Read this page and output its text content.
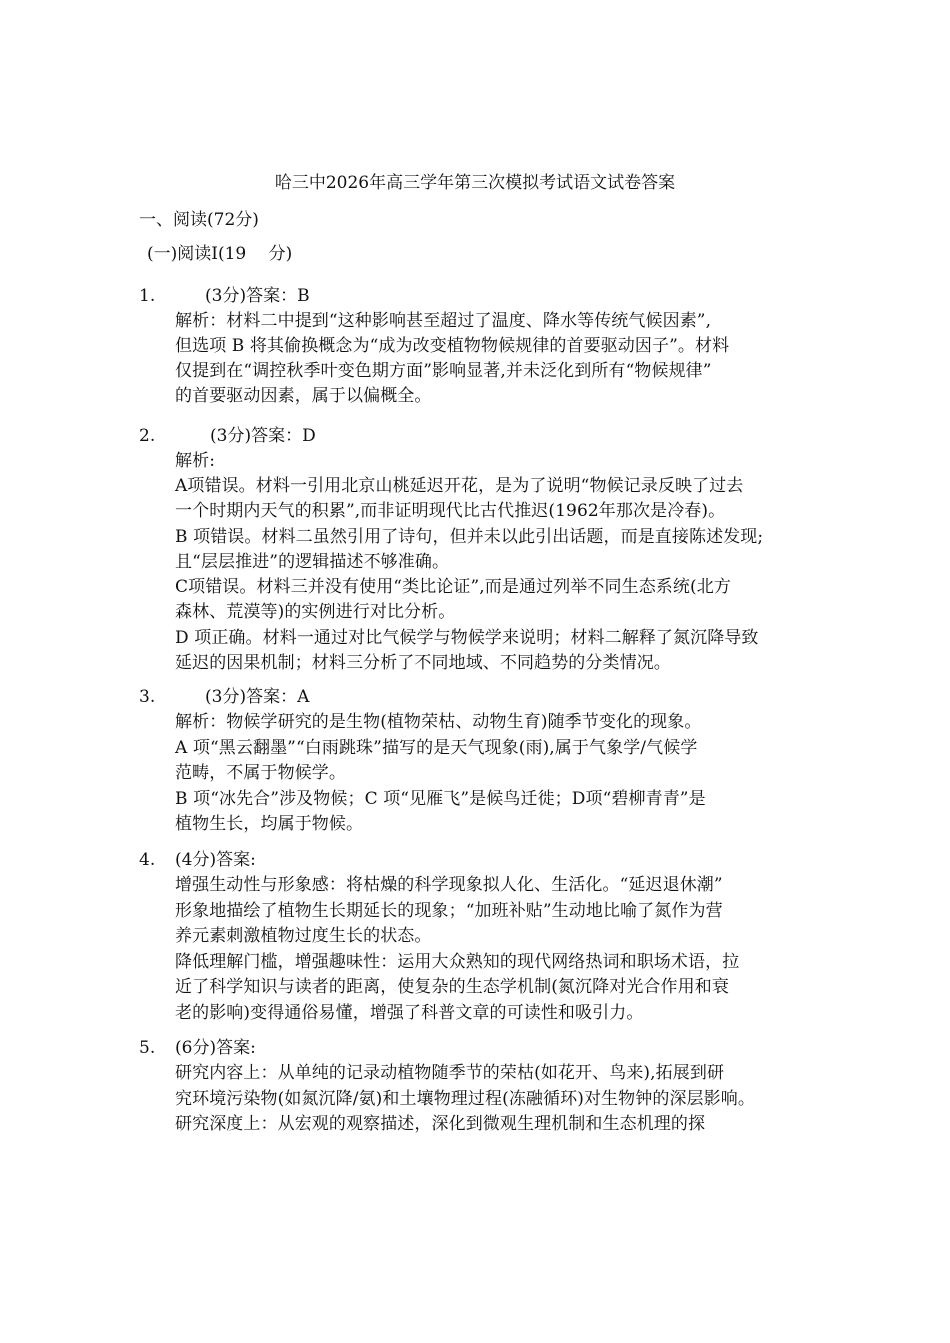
哈三中2026年高三学年第三次模拟考试语文试卷答案
一、阅读(72分)
(一)阅读I(19　 分)
1.	(3分)答案：B
解析：材料二中提到“这种影响甚至超过了温度、降水等传统气候因素”,
但选项 B 将其偷换概念为“成为改变植物物候规律的首要驱动因子”。材料
仅提到在“调控秋季叶变色期方面”影响显著,并未泛化到所有“物候规律”
的首要驱动因素，属于以偏概全。
2.	(3分)答案：D
解析:
A项错误。材料一引用北京山桃延迟开花，是为了说明“物候记录反映了过去
一个时期内天气的积累”,而非证明现代比古代推迟(1962年那次是冷春)。
B 项错误。材料二虽然引用了诗句，但并未以此引出话题，而是直接陈述发现;
且“层层推进”的逻辑描述不够准确。
C项错误。材料三并没有使用“类比论证”,而是通过列举不同生态系统(北方
森林、荒漠等)的实例进行对比分析。
D 项正确。材料一通过对比气候学与物候学来说明；材料二解释了氮沉降导致
延迟的因果机制；材料三分析了不同地域、不同趋势的分类情况。
3.	(3分)答案：A
解析：物候学研究的是生物(植物荣枯、动物生育)随季节变化的现象。
A 项“黑云翻墨”“白雨跳珠”描写的是天气现象(雨),属于气象学/气候学
范畴，不属于物候学。
B 项“冰先合”涉及物候；C 项“见雁飞”是候鸟迁徙；D项“碧柳青青”是
植物生长，均属于物候。
4. (4分)答案:
增强生动性与形象感：将枯燥的科学现象拟人化、生活化。“延迟退休潮”
形象地描绘了植物生长期延长的现象；“加班补贴”生动地比喻了氮作为营
养元素刺激植物过度生长的状态。
降低理解门槛，增强趣味性：运用大众熟知的现代网络热词和职场术语，拉
近了科学知识与读者的距离，使复杂的生态学机制(氮沉降对光合作用和衰
老的影响)变得通俗易懂，增强了科普文章的可读性和吸引力。
5. (6分)答案:
研究内容上：从单纯的记录动植物随季节的荣枯(如花开、鸟来),拓展到研
究环境污染物(如氮沉降/氨)和土壤物理过程(冻融循环)对生物钟的深层影响。
研究深度上：从宏观的观察描述，深化到微观生理机制和生态机理的探
